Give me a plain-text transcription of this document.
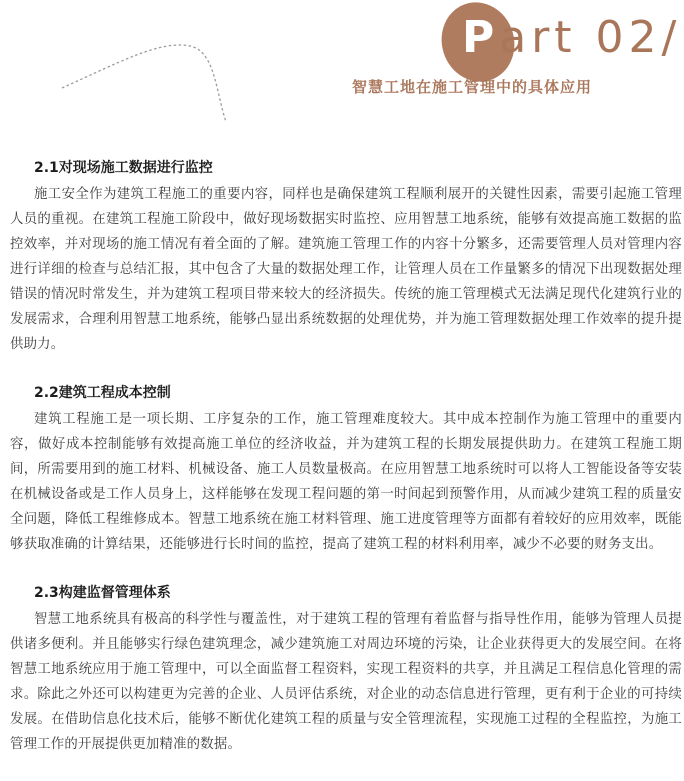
Part 02/
智慧工地在施工管理中的具体应用
2.1对现场施工数据进行监控

施工安全作为建筑工程施工的重要内容，同样也是确保建筑工程顺利展开的关键性因素，需要引起施工管理人员的重视。在建筑工程施工阶段中，做好现场数据实时监控、应用智慧工地系统，能够有效提高施工数据的监控效率，并对现场的施工情况有着全面的了解。建筑施工管理工作的内容十分繁多，还需要管理人员对管理内容进行详细的检查与总结汇报，其中包含了大量的数据处理工作，让管理人员在工作量繁多的情况下出现数据处理错误的情况时常发生，并为建筑工程项目带来较大的经济损失。传统的施工管理模式无法满足现代化建筑行业的发展需求，合理利用智慧工地系统，能够凸显出系统数据的处理优势，并为施工管理数据处理工作效率的提升提供助力。

2.2建筑工程成本控制

建筑工程施工是一项长期、工序复杂的工作，施工管理难度较大。其中成本控制作为施工管理中的重要内容，做好成本控制能够有效提高施工单位的经济收益，并为建筑工程的长期发展提供助力。在建筑工程施工期间，所需要用到的施工材料、机械设备、施工人员数量极高。在应用智慧工地系统时可以将人工智能设备等安装在机械设备或是工作人员身上，这样能够在发现工程问题的第一时间起到预警作用，从而减少建筑工程的质量安全问题，降低工程维修成本。智慧工地系统在施工材料管理、施工进度管理等方面都有着较好的应用效率，既能够获取准确的计算结果，还能够进行长时间的监控，提高了建筑工程的材料利用率，减少不必要的财务支出。

2.3构建监督管理体系

智慧工地系统具有极高的科学性与覆盖性，对于建筑工程的管理有着监督与指导性作用，能够为管理人员提供诸多便利。并且能够实行绿色建筑理念，减少建筑施工对周边环境的污染，让企业获得更大的发展空间。在将智慧工地系统应用于施工管理中，可以全面监督工程资料，实现工程资料的共享，并且满足工程信息化管理的需求。除此之外还可以构建更为完善的企业、人员评估系统，对企业的动态信息进行管理，更有利于企业的可持续发展。在借助信息化技术后，能够不断优化建筑工程的质量与安全管理流程，实现施工过程的全程监控，为施工管理工作的开展提供更加精准的数据。
